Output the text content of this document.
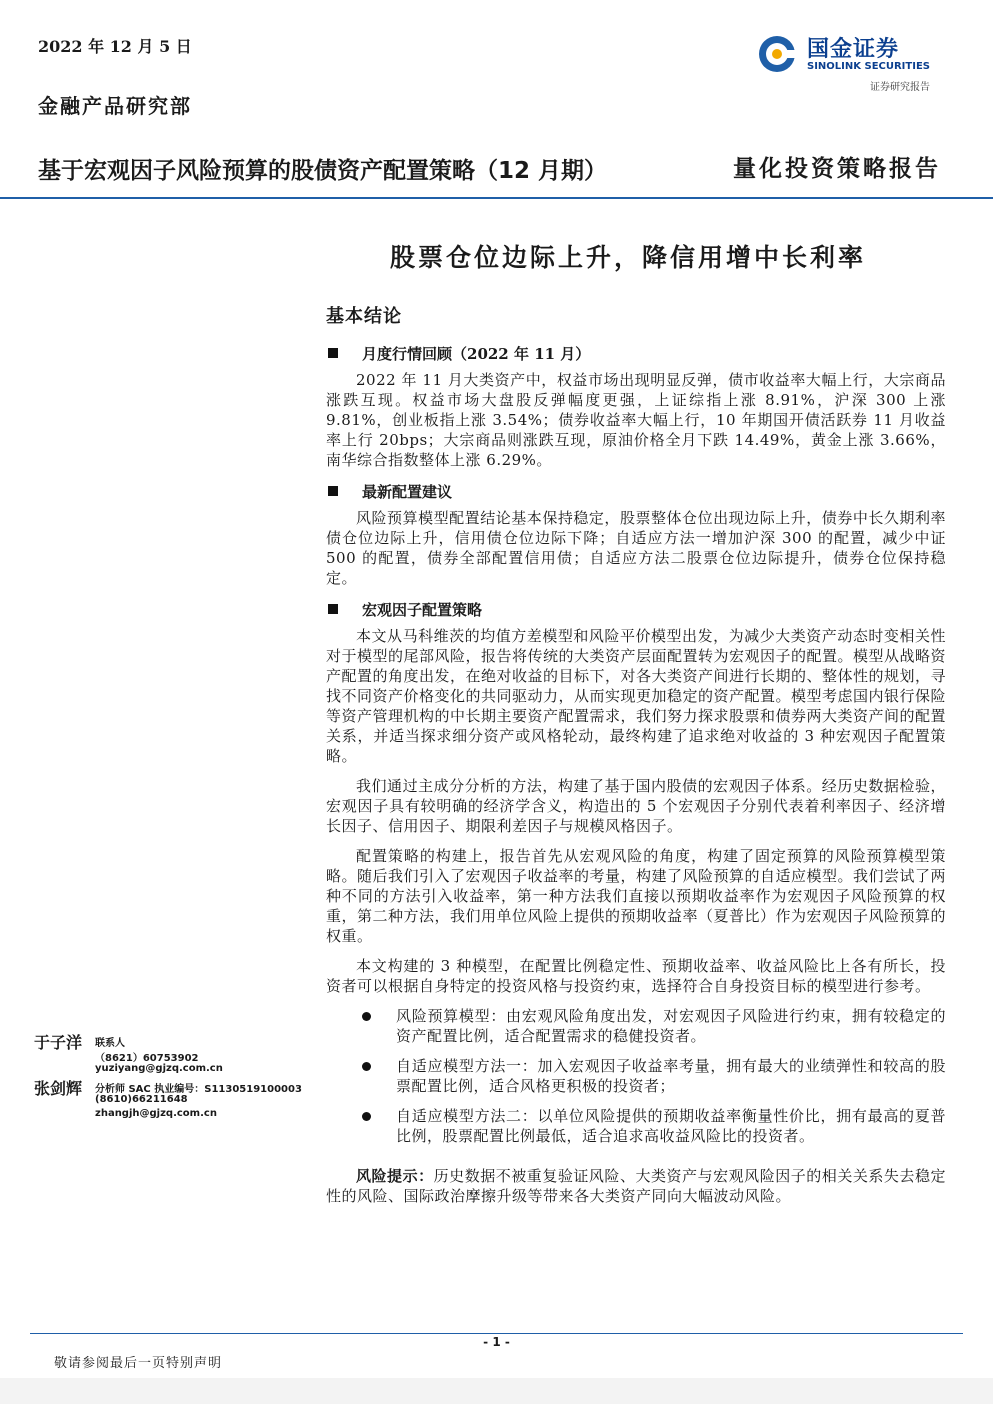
2022 年 12 月 5 日
金融产品研究部
国金证券
SINOLINK SECURITIES
证券研究报告
基于宏观因子风险预算的股债资产配置策略（12 月期）	量化投资策略报告
股票仓位边际上升，降信用增中长利率
基本结论
月度行情回顾（2022 年 11 月）

2022 年 11 月大类资产中，权益市场出现明显反弹，债市收益率大幅上行，大宗商品涨跌互现。权益市场大盘股反弹幅度更强，上证综指上涨 8.91%，沪深 300 上涨 9.81%，创业板指上涨 3.54%；债券收益率大幅上行，10 年期国开债活跃券 11 月收益率上行 20bps；大宗商品则涨跌互现，原油价格全月下跌 14.49%，黄金上涨 3.66%，南华综合指数整体上涨 6.29%。

最新配置建议

风险预算模型配置结论基本保持稳定，股票整体仓位出现边际上升，债券中长久期利率债仓位边际上升，信用债仓位边际下降；自适应方法一增加沪深 300 的配置，减少中证 500 的配置，债券全部配置信用债；自适应方法二股票仓位边际提升，债券仓位保持稳定。

宏观因子配置策略

本文从马科维茨的均值方差模型和风险平价模型出发，为减少大类资产动态时变相关性对于模型的尾部风险，报告将传统的大类资产层面配置转为宏观因子的配置。模型从战略资产配置的角度出发，在绝对收益的目标下，对各大类资产间进行长期的、整体性的规划，寻找不同资产价格变化的共同驱动力，从而实现更加稳定的资产配置。模型考虑国内银行保险等资产管理机构的中长期主要资产配置需求，我们努力探求股票和债券两大类资产间的配置关系，并适当探求细分资产或风格轮动，最终构建了追求绝对收益的 3 种宏观因子配置策略。

我们通过主成分分析的方法，构建了基于国内股债的宏观因子体系。经历史数据检验，宏观因子具有较明确的经济学含义，构造出的 5 个宏观因子分别代表着利率因子、经济增长因子、信用因子、期限利差因子与规模风格因子。

配置策略的构建上，报告首先从宏观风险的角度，构建了固定预算的风险预算模型策略。随后我们引入了宏观因子收益率的考量，构建了风险预算的自适应模型。我们尝试了两种不同的方法引入收益率，第一种方法我们直接以预期收益率作为宏观因子风险预算的权重，第二种方法，我们用单位风险上提供的预期收益率（夏普比）作为宏观因子风险预算的权重。

本文构建的 3 种模型，在配置比例稳定性、预期收益率、收益风险比上各有所长，投资者可以根据自身特定的投资风格与投资约束，选择符合自身投资目标的模型进行参考。

风险预算模型：由宏观风险角度出发，对宏观因子风险进行约束，拥有较稳定的资产配置比例，适合配置需求的稳健投资者。
自适应模型方法一：加入宏观因子收益率考量，拥有最大的业绩弹性和较高的股票配置比例，适合风格更积极的投资者；
自适应模型方法二：以单位风险提供的预期收益率衡量性价比，拥有最高的夏普比例，股票配置比例最低，适合追求高收益风险比的投资者。

风险提示：历史数据不被重复验证风险、大类资产与宏观风险因子的相关关系失去稳定性的风险、国际政治摩擦升级等带来各大类资产同向大幅波动风险。

于子洋 联系人
（8621）60753902
yuziyang@gjzq.com.cn
张剑辉 分析师 SAC 执业编号：S1130519100003
(8610)66211648
zhangjh@gjzq.com.cn
- 1 -
敬请参阅最后一页特别声明
